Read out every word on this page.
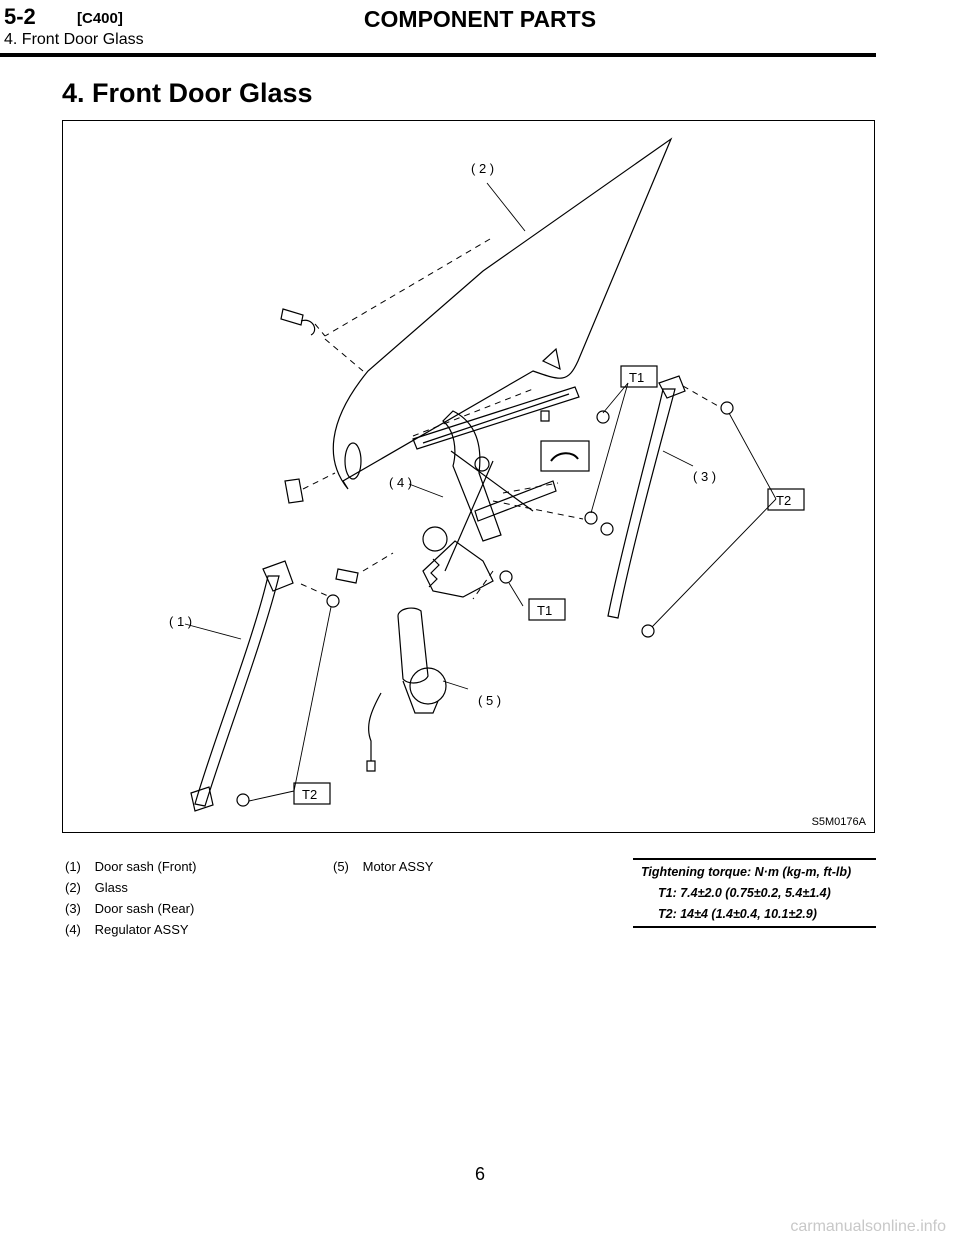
5-2	[C400]	COMPONENT PARTS
4. Front Door Glass
4. Front Door Glass
( 2 )
( 4 )
( 1 )
( 3 )
( 5 )
T1
T1
T2
T2
S5M0176A
(1) Door sash (Front)
(2) Glass
(3) Door sash (Rear)
(4) Regulator ASSY
(5) Motor ASSY	Tightening torque: N·m (kg-m, ft-lb)
T1: 7.4±2.0 (0.75±0.2, 5.4±1.4)
T2: 14±4 (1.4±0.4, 10.1±2.9)
6
carmanualsonline.info
